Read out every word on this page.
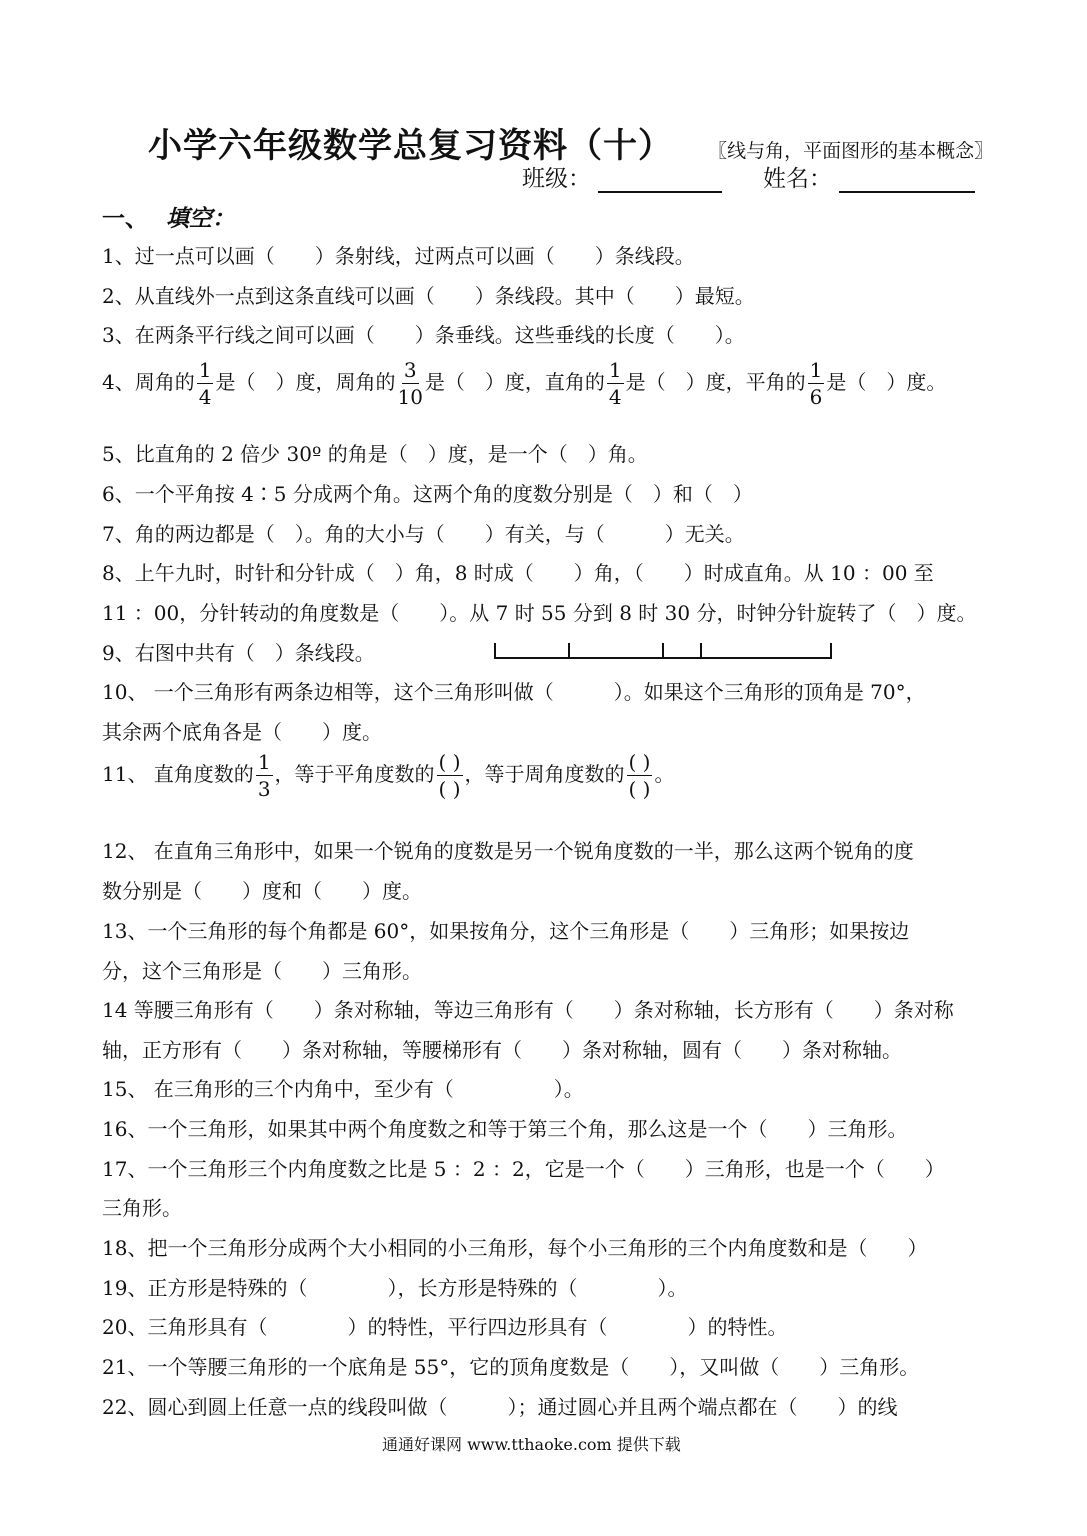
小学六年级数学总复习资料（十） 〖线与角，平面图形的基本概念〗
班级：	姓名：
一、 填空：
1、过一点可以画（　　）条射线，过两点可以画（　　）条线段。
2、从直线外一点到这条直线可以画（　　）条线段。其中（　　）最短。
3、在两条平行线之间可以画（　　）条垂线。这些垂线的长度（　　）。
4、周角的 $\frac{1}{4}$ 是（　）度，周角的 $\frac{3}{10}$ 是（　）度，直角的 $\frac{1}{4}$ 是（　）度，平角的 $\frac{1}{6}$ 是（　）度。
5、比直角的 2 倍少 30º 的角是（　）度，是一个（　）角。
6、一个平角按 4∶5 分成两个角。这两个角的度数分别是（　）和（　）
7、角的两边都是（　）。角的大小与（　　）有关，与（　　　）无关。
8、上午九时，时针和分针成（　）角，8 时成（　　）角，（　　）时成直角。从 10 ：00 至
11 ：00，分针转动的角度数是（　　）。从 7 时 55 分到 8 时 30 分，时钟分针旋转了（　）度。
9、右图中共有（　）条线段。
10、 一个三角形有两条边相等，这个三角形叫做（　　　）。如果这个三角形的顶角是 70°，
其余两个底角各是（　　）度。
11、 直角度数的 $\frac{1}{3}$ ，等于平角度数的 $\frac{( )}{( )}$ ，等于周角度数的 $\frac{( )}{( )}$ 。
12、 在直角三角形中，如果一个锐角的度数是另一个锐角度数的一半，那么这两个锐角的度
数分别是（　　）度和（　　）度。
13、一个三角形的每个角都是 60°，如果按角分，这个三角形是（　　）三角形；如果按边
分，这个三角形是（　　）三角形。
14 等腰三角形有（　　）条对称轴，等边三角形有（　　）条对称轴，长方形有（　　）条对称
轴，正方形有（　　）条对称轴，等腰梯形有（　　）条对称轴，圆有（　　）条对称轴。
15、 在三角形的三个内角中，至少有（　　　　　）。
16、一个三角形，如果其中两个角度数之和等于第三个角，那么这是一个（　　）三角形。
17、一个三角形三个内角度数之比是 5 ：2 ：2，它是一个（　　）三角形，也是一个（　　）
三角形。
18、把一个三角形分成两个大小相同的小三角形，每个小三角形的三个内角度数和是（　　）
19、正方形是特殊的（　　　　），长方形是特殊的（　　　　）。
20、三角形具有（　　　　）的特性，平行四边形具有（　　　　）的特性。
21、一个等腰三角形的一个底角是 55°，它的顶角度数是（　　），又叫做（　　）三角形。
22、圆心到圆上任意一点的线段叫做（　　　）；通过圆心并且两个端点都在（　　）的线
通通好课网 www.tthaoke.com 提供下载
